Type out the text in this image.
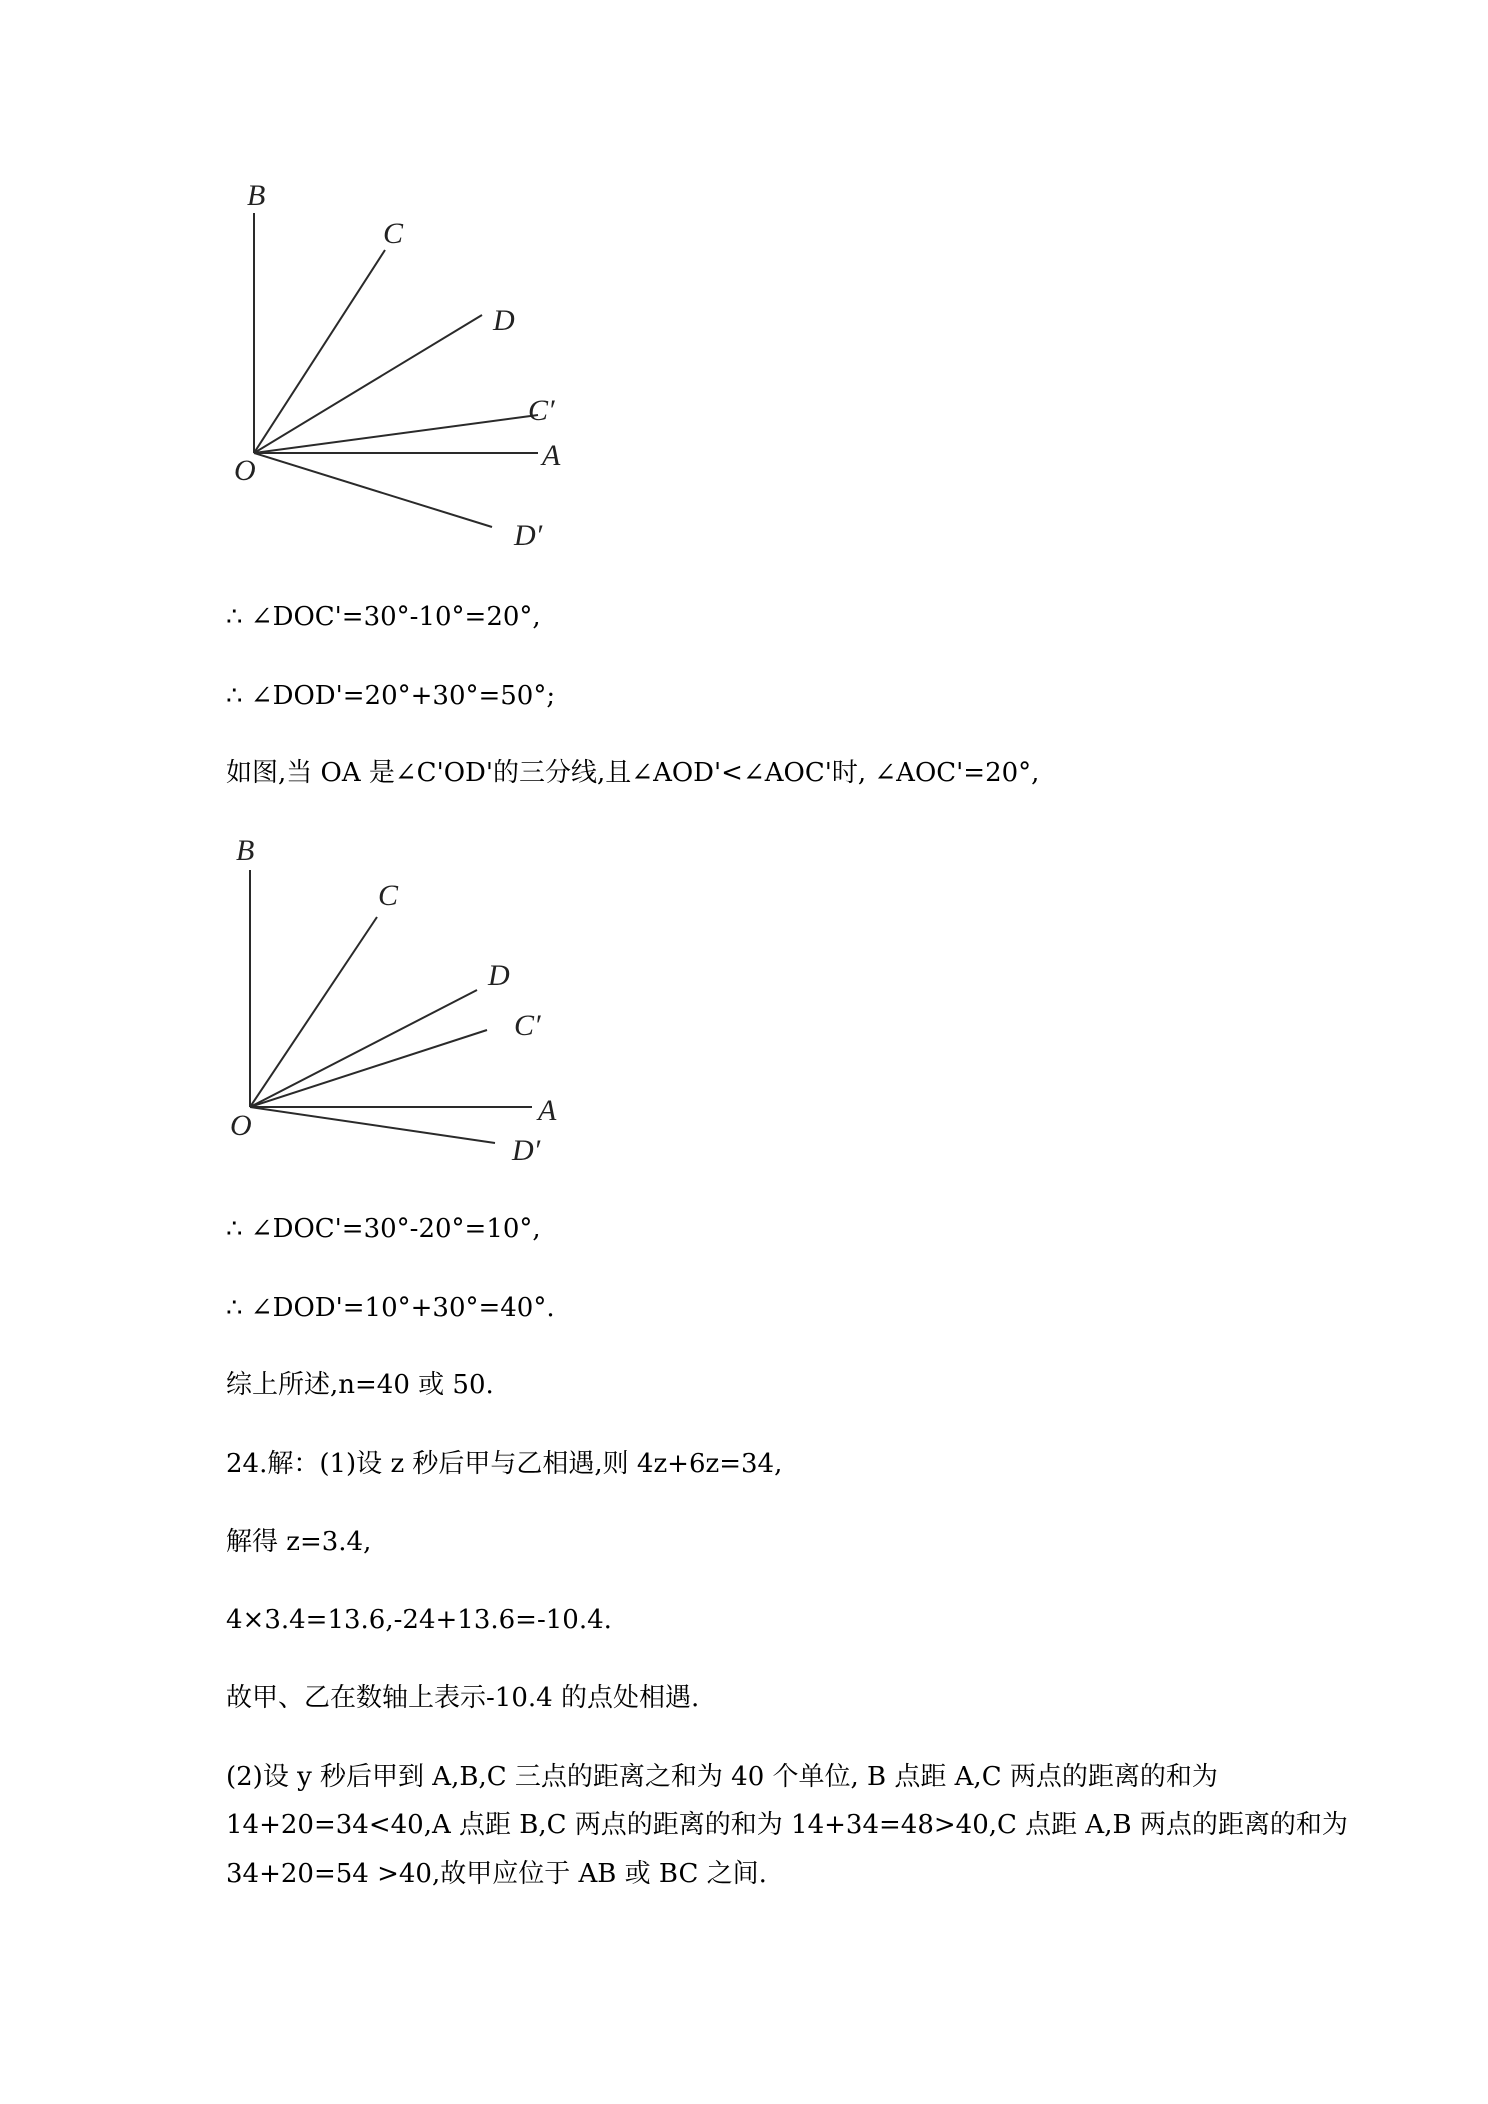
B
C
D
C′
A
O
D′
∴ ∠DOC'=30°-10°=20°,
∴ ∠DOD'=20°+30°=50°;
如图,当 OA 是∠C'OD'的三分线,且∠AOD'<∠AOC'时, ∠AOC'=20°,
B
C
D
C′
A
O
D′
∴ ∠DOC'=30°-20°=10°,
∴ ∠DOD'=10°+30°=40°.
综上所述,n=40 或 50.
24.解：(1)设 z 秒后甲与乙相遇,则 4z+6z=34,
解得 z=3.4,
4×3.4=13.6,-24+13.6=-10.4.
故甲、乙在数轴上表示-10.4 的点处相遇.
(2)设 y 秒后甲到 A,B,C 三点的距离之和为 40 个单位, B 点距 A,C 两点的距离的和为
14+20=34<40,A 点距 B,C 两点的距离的和为 14+34=48>40,C 点距 A,B 两点的距离的和为
34+20=54 >40,故甲应位于 AB 或 BC 之间.
